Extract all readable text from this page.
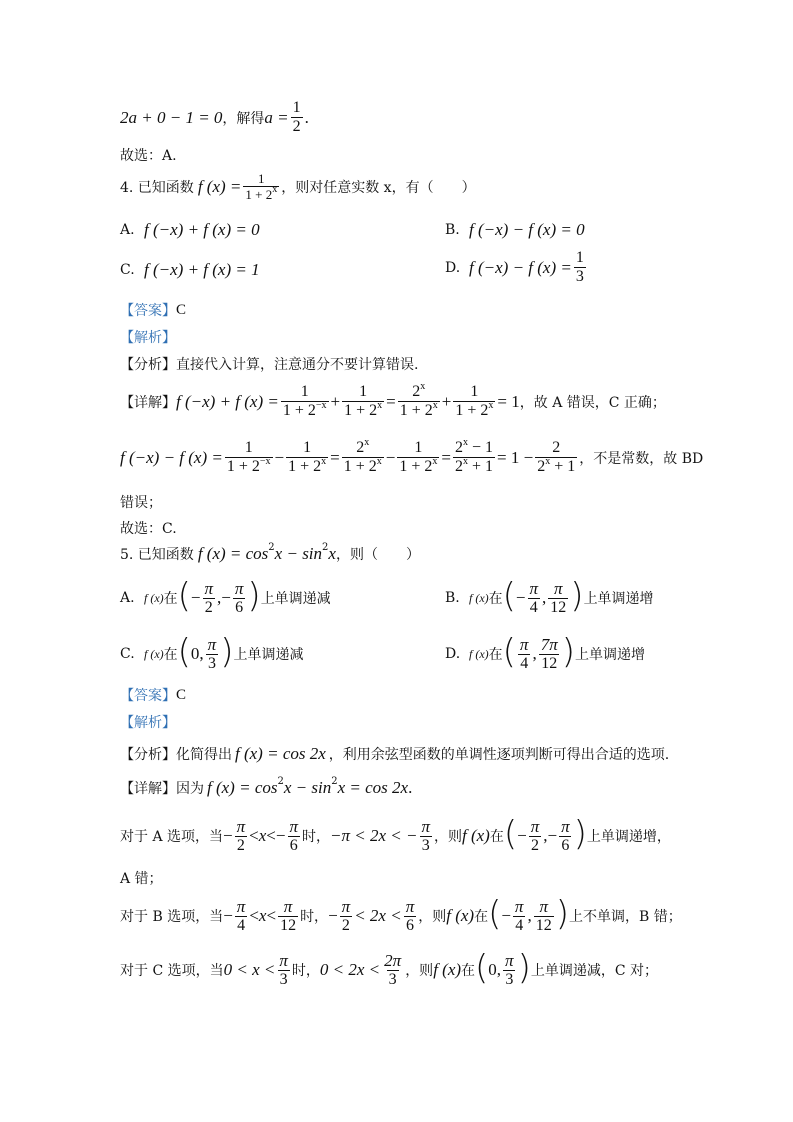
2a + 0 − 1 = 0 ，解得 $a = \frac{1}{2}$ .
故选：A.
4. 已知函数 f $(x) = \frac{1}{1 + 2^x}$ ，则对任意实数 x，有（　　）
A. f (−x) + f (x) = 0	B. f (−x) − f (x) = 0
C. f (−x) + f (x) = 1	D. f (−x) − f $(x) = \frac{1}{3}$
【答案】 C
【解析】
【分析】 直接代入计算，注意通分不要计算错误.
【详解】 f (−x) + f $(x) = \frac{1}{1 + 2^{-x}} + \frac{1}{1 + 2^x} = \frac{2^x}{1 + 2^x} + \frac{1}{1 + 2^x} = 1$ ，故 A 错误，C 正确；
f (−x) − f $(x) = \frac{1}{1 + 2^{-x}} - \frac{1}{1 + 2^x} = \frac{2^x}{1 + 2^x} - \frac{1}{1 + 2^x} = \frac{2^x - 1}{2^x + 1} = 1 - \frac{2}{2^x + 1}$ ，不是常数，故 BD
错误；
故选：C.
5. 已知函数 f (x) = cos 2 x − sin 2 x ，则（　　）
A. f (x) 在 ( − $\frac{\pi}{2}$ , − $\frac{\pi}{6}$ ) 上单调递减	B. f (x) 在 ( − $\frac{\pi}{4}$ , $\frac{\pi}{12}$ ) 上单调递增
C. f (x) 在 ( 0, $\frac{\pi}{3}$ ) 上单调递减	D. f (x) 在 ( $\frac{\pi}{4}$ , $\frac{7\pi}{12}$ ) 上单调递增
【答案】 C
【解析】
【分析】 化简得出 f (x) = cos 2x ，利用余弦型函数的单调性逐项判断可得出合适的选项.
【详解】 因为 f (x) = cos 2 x − sin 2 x = cos 2x .
对于 A 选项，当 − $\frac{\pi}{2} < x$ < − $\frac{\pi}{6}$ 时， −π < 2x < − $\frac{\pi}{3}$ ，则 f (x) 在 ( − $\frac{\pi}{2}$ , − $\frac{\pi}{6}$ ) 上单调递增，
A 错；
对于 B 选项，当 − $\frac{\pi}{4} < x < \frac{\pi}{12}$ 时， − $\frac{\pi}{2} < 2x < \frac{\pi}{6}$ ，则 f (x) 在 ( − $\frac{\pi}{4}$ , $\frac{\pi}{12}$ ) 上不单调，B 错；
对于 C 选项，当 $0 < x < \frac{\pi}{3}$ 时， $0 < 2x < \frac{2\pi}{3}$ ，则 f (x) 在 ( 0, $\frac{\pi}{3}$ ) 上单调递减，C 对；
